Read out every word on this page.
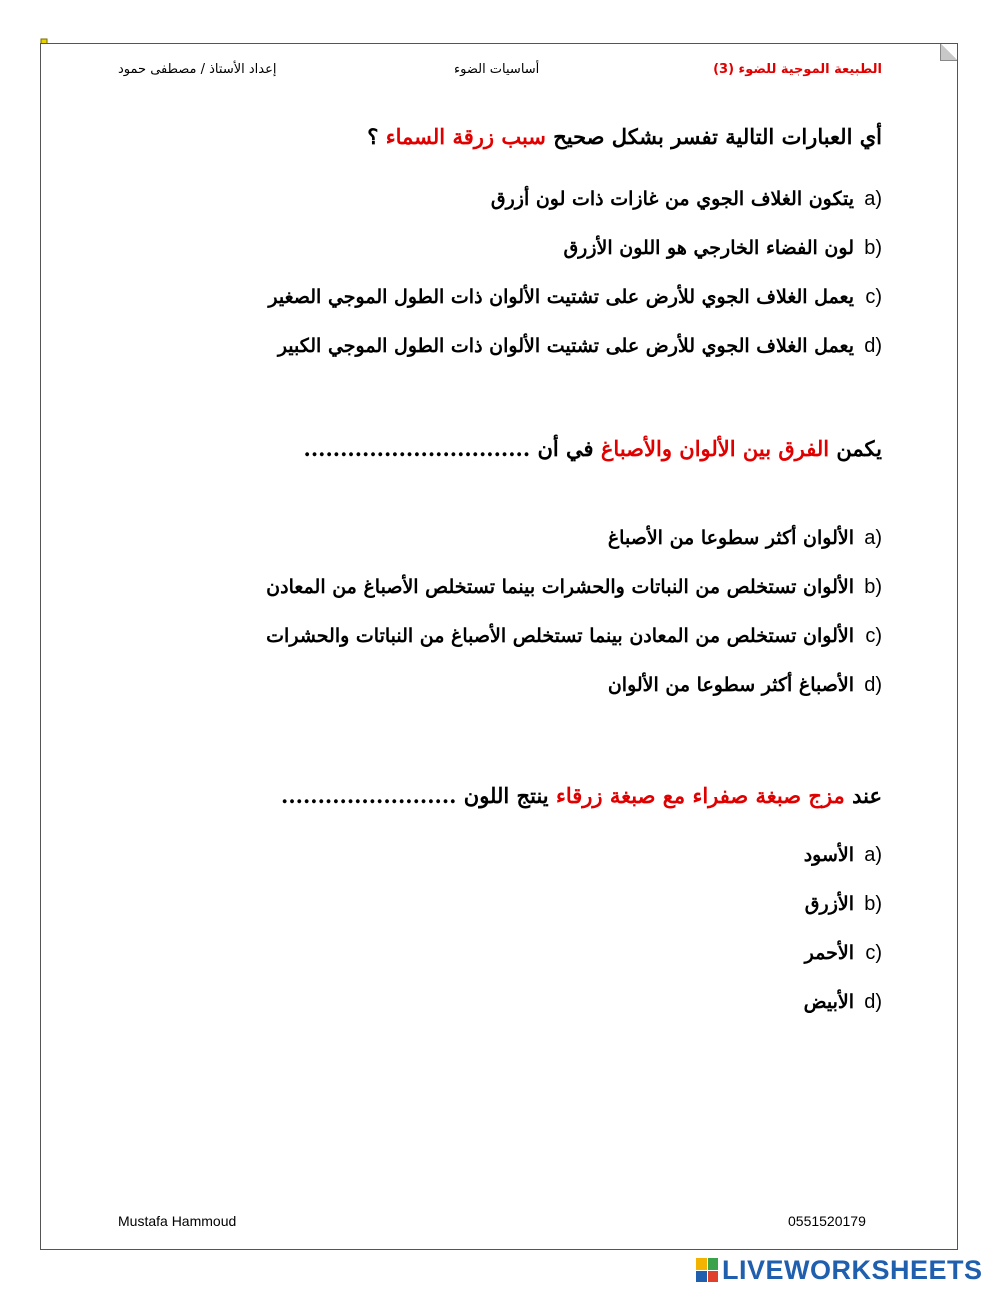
الطبيعة الموجية للضوء (3)
أساسيات الضوء
إعداد الأستاذ / مصطفى حمود
أي العبارات التالية تفسر بشكل صحيح سبب زرقة السماء ؟
a)
يتكون الغلاف الجوي من غازات ذات لون أزرق
b)
لون الفضاء الخارجي هو اللون الأزرق
c)
يعمل الغلاف الجوي للأرض على تشتيت الألوان ذات الطول الموجي الصغير
d)
يعمل الغلاف الجوي للأرض على تشتيت الألوان ذات الطول الموجي الكبير
يكمن الفرق بين الألوان والأصباغ في أن ...............................
a)
الألوان أكثر سطوعا من الأصباغ
b)
الألوان تستخلص من النباتات والحشرات بينما تستخلص الأصباغ من المعادن
c)
الألوان تستخلص من المعادن بينما تستخلص الأصباغ من النباتات والحشرات
d)
الأصباغ أكثر سطوعا من الألوان
عند مزج صبغة صفراء مع صبغة زرقاء ينتج اللون ........................
a)
الأسود
b)
الأزرق
c)
الأحمر
d)
الأبيض
Mustafa Hammoud	0551520179
LIVEWORKSHEETS
